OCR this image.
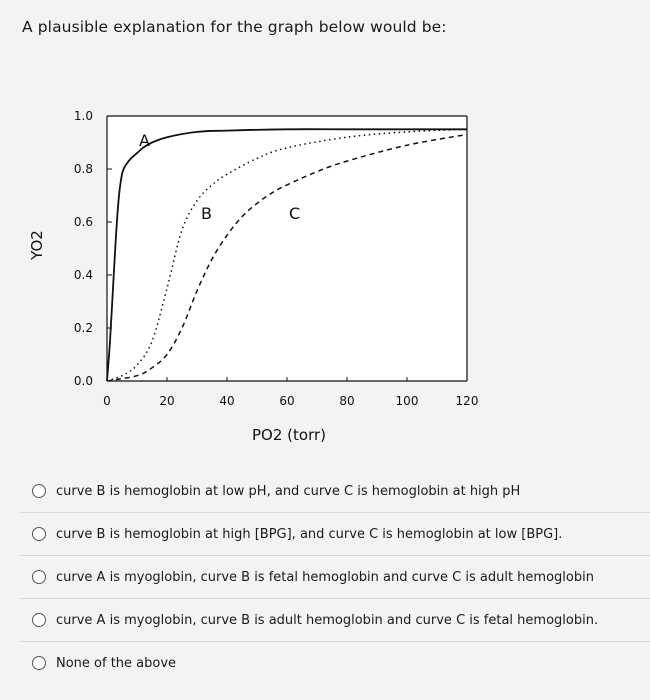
A plausible explanation for the graph below would be:
0	20	40	60	80	100	120
1.0
0.8
0.6
0.4
0.2
0.0
A
B	C
PO2 (torr)
YO2
curve B is hemoglobin at low pH, and curve C is hemoglobin at high pH
curve B is hemoglobin at high [BPG], and curve C is hemoglobin at low [BPG].
curve A is myoglobin, curve B is fetal hemoglobin and curve C is adult hemoglobin
curve A is myoglobin, curve B is adult hemoglobin and curve C is fetal hemoglobin.
None of the above
